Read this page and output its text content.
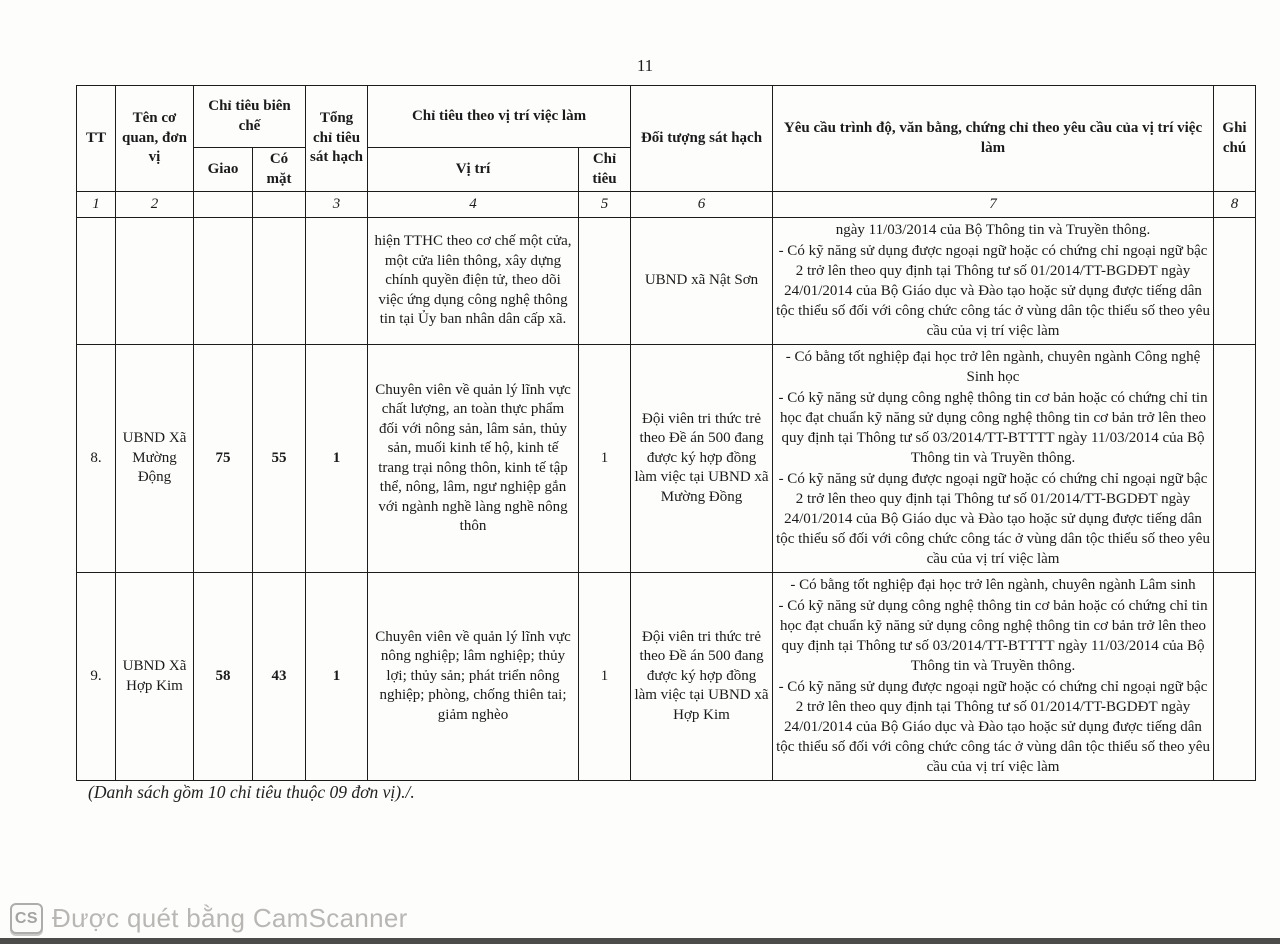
11
TT	Tên cơ quan, đơn vị	Chỉ tiêu biên chế		Tổng chỉ tiêu sát hạch	Chỉ tiêu theo vị trí việc làm		Đối tượng sát hạch	Yêu cầu trình độ, văn bằng, chứng chỉ theo yêu cầu của vị trí việc làm	Ghi chú
		Giao	Có mặt		Vị trí	Chỉ tiêu			
1	2			3	4	5	6	7	8
					hiện TTHC theo cơ chế một cửa, một cửa liên thông, xây dựng chính quyền điện tử, theo dõi việc ứng dụng công nghệ thông tin tại Ủy ban nhân dân cấp xã.		UBND xã Nật Sơn	ngày 11/03/2014 của Bộ Thông tin và Truyền thông.

- Có kỹ năng sử dụng được ngoại ngữ hoặc có chứng chỉ ngoại ngữ bậc 2 trở lên theo quy định tại Thông tư số 01/2014/TT-BGDĐT ngày 24/01/2014 của Bộ Giáo dục và Đào tạo hoặc sử dụng được tiếng dân tộc thiểu số đối với công chức công tác ở vùng dân tộc thiểu số theo yêu cầu của vị trí việc làm	

8.	UBND Xã Mường Động	75	55	1	Chuyên viên về quản lý lĩnh vực chất lượng, an toàn thực phẩm đối với nông sản, lâm sản, thủy sản, muối kinh tế hộ, kinh tế trang trại nông thôn, kinh tế tập thể, nông, lâm, ngư nghiệp gắn với ngành nghề làng nghề nông thôn	1	Đội viên tri thức trẻ theo Đề án 500 đang được ký hợp đồng làm việc tại UBND xã Mường Đồng	

- Có bằng tốt nghiệp đại học trở lên ngành, chuyên ngành Công nghệ Sinh học

- Có kỹ năng sử dụng công nghệ thông tin cơ bản hoặc có chứng chỉ tin học đạt chuẩn kỹ năng sử dụng công nghệ thông tin cơ bản trở lên theo quy định tại Thông tư số 03/2014/TT-BTTTT ngày 11/03/2014 của Bộ Thông tin và Truyền thông.

- Có kỹ năng sử dụng được ngoại ngữ hoặc có chứng chỉ ngoại ngữ bậc 2 trở lên theo quy định tại Thông tư số 01/2014/TT-BGDĐT ngày 24/01/2014 của Bộ Giáo dục và Đào tạo hoặc sử dụng được tiếng dân tộc thiểu số đối với công chức công tác ở vùng dân tộc thiểu số theo yêu cầu của vị trí việc làm

9.	UBND Xã Hợp Kim	58	43	1	Chuyên viên về quản lý lĩnh vực nông nghiệp; lâm nghiệp; thủy lợi; thủy sản; phát triển nông nghiệp; phòng, chống thiên tai; giảm nghèo	1	Đội viên tri thức trẻ theo Đề án 500 đang được ký hợp đồng làm việc tại UBND xã Hợp Kim	- Có bằng tốt nghiệp đại học trở lên ngành, chuyên ngành Lâm sinh

- Có kỹ năng sử dụng công nghệ thông tin cơ bản hoặc có chứng chỉ tin học đạt chuẩn kỹ năng sử dụng công nghệ thông tin cơ bản trở lên theo quy định tại Thông tư số 03/2014/TT-BTTTT ngày 11/03/2014 của Bộ Thông tin và Truyền thông.

- Có kỹ năng sử dụng được ngoại ngữ hoặc có chứng chỉ ngoại ngữ bậc 2 trở lên theo quy định tại Thông tư số 01/2014/TT-BGDĐT ngày 24/01/2014 của Bộ Giáo dục và Đào tạo hoặc sử dụng được tiếng dân tộc thiểu số đối với công chức công tác ở vùng dân tộc thiểu số theo yêu cầu của vị trí việc làm	

(Danh sách gồm 10 chỉ tiêu thuộc 09 đơn vị)./.
CS Được quét bằng CamScanner
